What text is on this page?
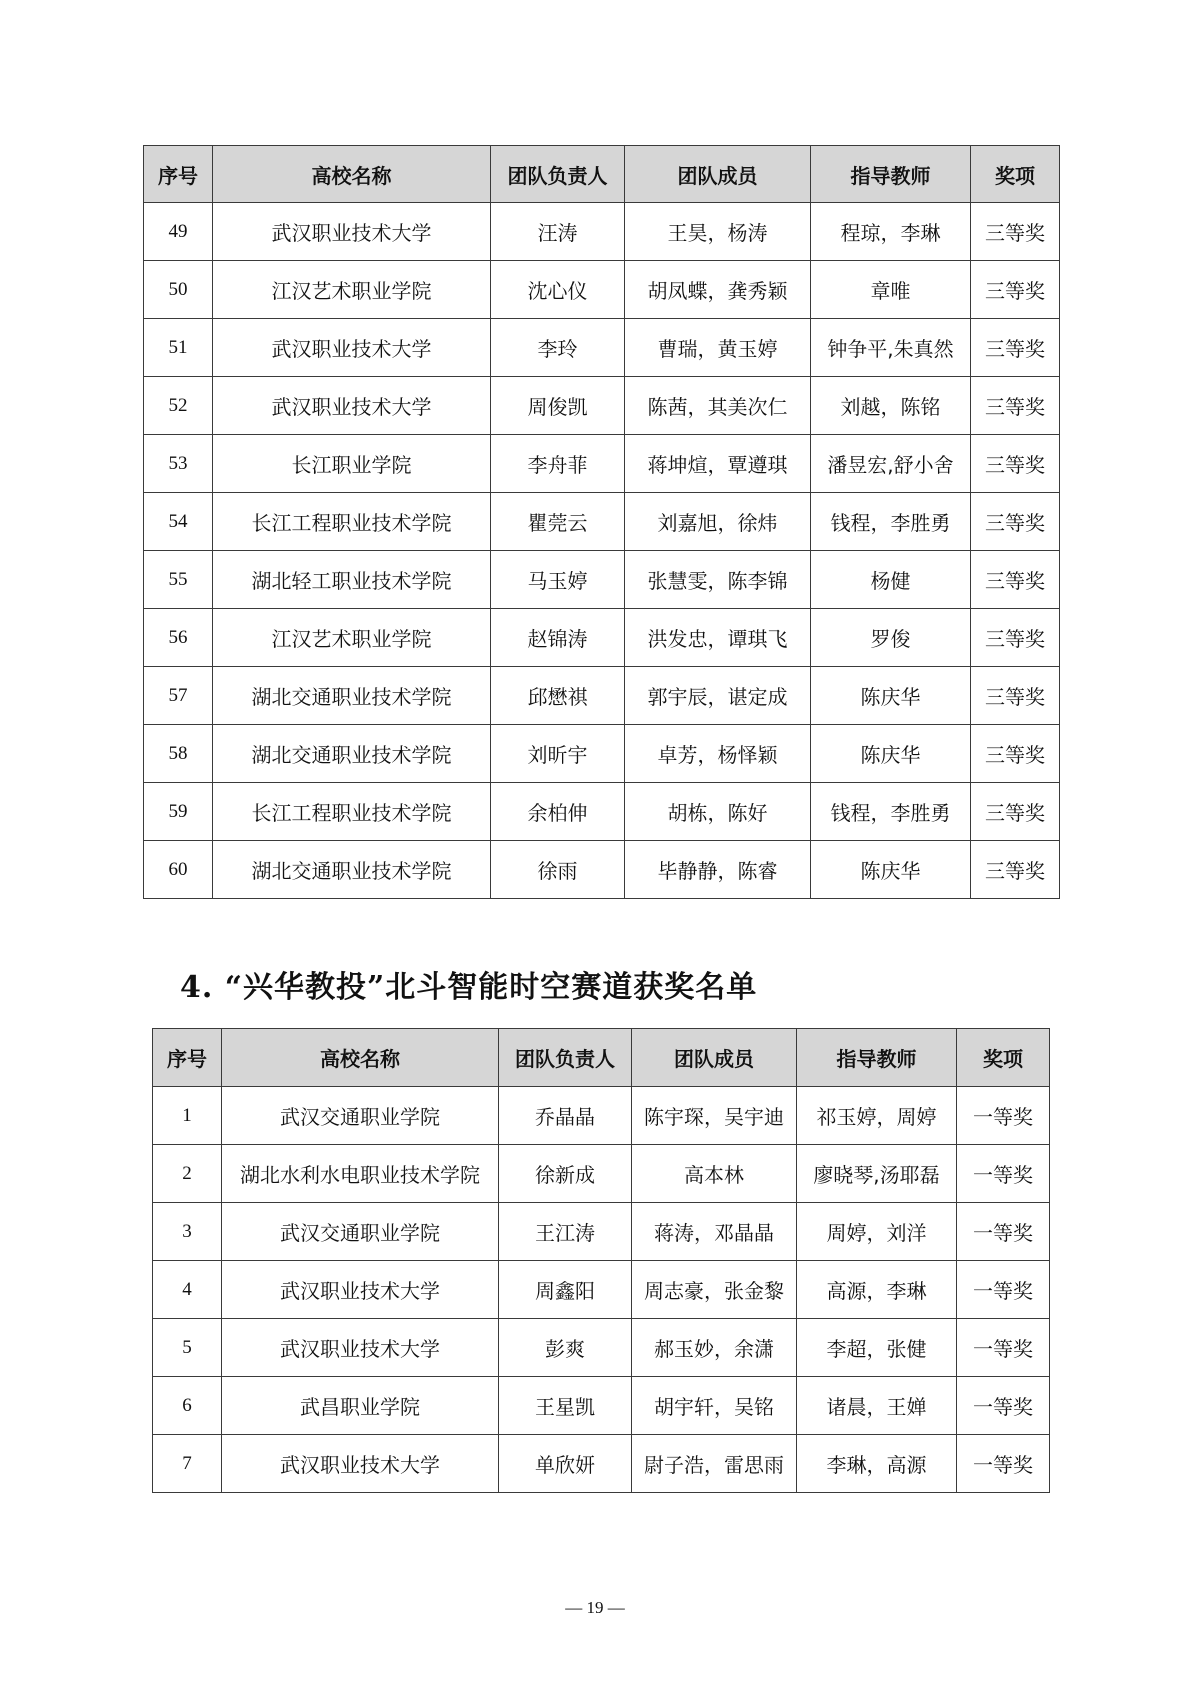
序号	高校名称	团队负责人	团队成员	指导教师	奖项
49	武汉职业技术大学	汪涛	王昊，杨涛	程琼，李琳	三等奖
50	江汉艺术职业学院	沈心仪	胡凤蝶，龚秀颖	章唯	三等奖
51	武汉职业技术大学	李玲	曹瑞，黄玉婷	钟争平,朱真然	三等奖
52	武汉职业技术大学	周俊凯	陈茜，其美次仁	刘越，陈铭	三等奖
53	长江职业学院	李舟菲	蒋坤煊，覃遵琪	潘昱宏,舒小舍	三等奖
54	长江工程职业技术学院	瞿莞云	刘嘉旭，徐炜	钱程，李胜勇	三等奖
55	湖北轻工职业技术学院	马玉婷	张慧雯，陈李锦	杨健	三等奖
56	江汉艺术职业学院	赵锦涛	洪发忠，谭琪飞	罗俊	三等奖
57	湖北交通职业技术学院	邱懋祺	郭宇辰，谌定成	陈庆华	三等奖
58	湖北交通职业技术学院	刘昕宇	卓芳，杨怿颖	陈庆华	三等奖
59	长江工程职业技术学院	余柏伸	胡栋，陈好	钱程，李胜勇	三等奖
60	湖北交通职业技术学院	徐雨	毕静静，陈睿	陈庆华	三等奖
4. “兴华教投”北斗智能时空赛道获奖名单
序号	高校名称	团队负责人	团队成员	指导教师	奖项
1	武汉交通职业学院	乔晶晶	陈宇琛，吴宇迪	祁玉婷，周婷	一等奖
2	湖北水利水电职业技术学院	徐新成	高本林	廖晓琴,汤耶磊	一等奖
3	武汉交通职业学院	王江涛	蒋涛，邓晶晶	周婷，刘洋	一等奖
4	武汉职业技术大学	周鑫阳	周志豪，张金黎	高源，李琳	一等奖
5	武汉职业技术大学	彭爽	郝玉妙，余潇	李超，张健	一等奖
6	武昌职业学院	王星凯	胡宇轩，吴铭	诸晨，王婵	一等奖
7	武汉职业技术大学	单欣妍	尉子浩，雷思雨	李琳，高源	一等奖
— 19 —
